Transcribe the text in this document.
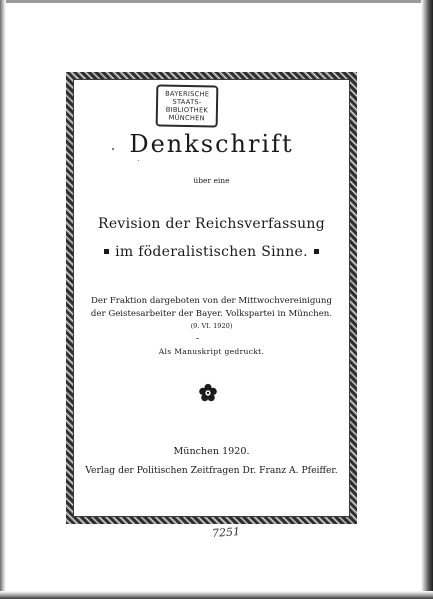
BAYERISCHE
STAATS-
BIBLIOTHEK
MÜNCHEN
Denkschrift
über eine
Revision der Reichsverfassung
im föderalistischen Sinne.
Der Fraktion dargeboten von der Mittwochvereinigung
der Geistesarbeiter der Bayer. Volkspartei in München.
(9. VI. 1920)
Als Manuskript gedruckt.
München 1920.
Verlag der Politischen Zeitfragen Dr. Franz A. Pfeiffer.
7251
